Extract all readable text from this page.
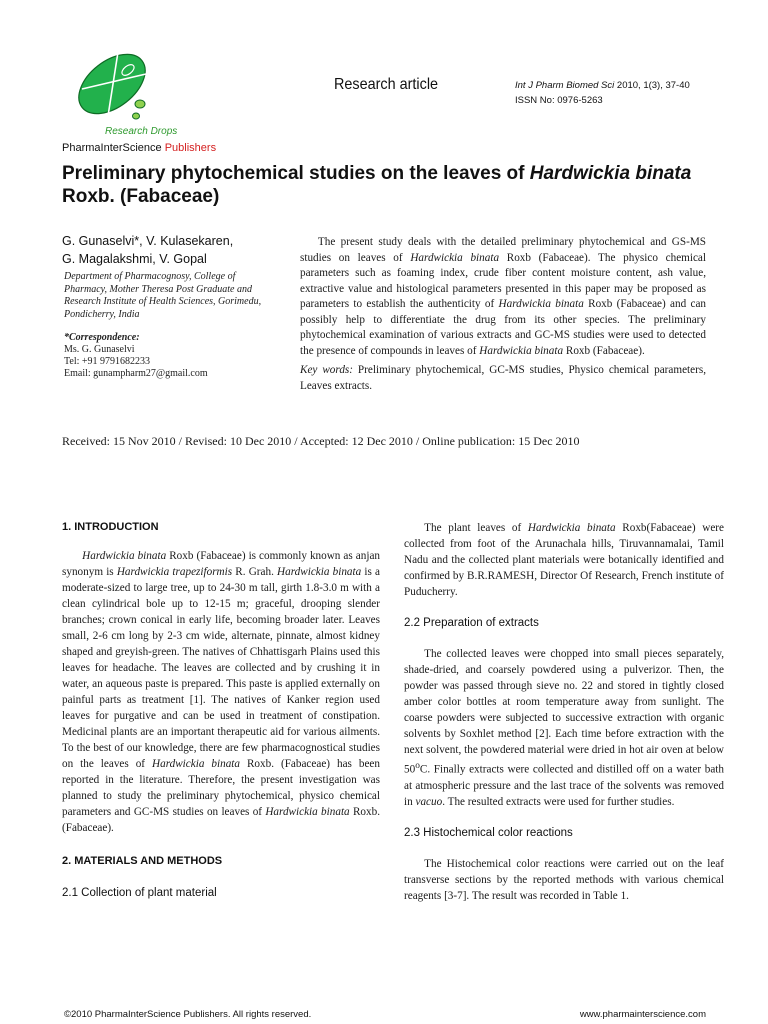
Research Drops
PharmaInterScience Publishers
Research article	Int J Pharm Biomed Sci 2010, 1(3), 37-40
ISSN No: 0976-5263
Preliminary phytochemical studies on the leaves of Hardwickia binata
Roxb. (Fabaceae)
G. Gunaselvi*, V. Kulasekaren,
G. Magalakshmi, V. Gopal
Department of Pharmacognosy, College of Pharmacy, Mother Theresa Post Graduate and Research Institute of Health Sciences, Gorimedu, Pondicherry, India
*Correspondence:
Ms. G. Gunaselvi
Tel: +91 9791682233
Email: gunampharm27@gmail.com
The present study deals with the detailed preliminary phytochemical and GS-MS studies on leaves of Hardwickia binata Roxb (Fabaceae). The physico chemical parameters such as foaming index, crude fiber content moisture content, ash value, extractive value and histological parameters presented in this paper may be proposed as parameters to establish the authenticity of Hardwickia binata Roxb (Fabaceae) and can possibly help to differentiate the drug from its other species. The preliminary phytochemical examination of various extracts and GC-MS studies were used to detected the presence of compounds in leaves of Hardwickia binata Roxb (Fabaceae).
Key words: Preliminary phytochemical, GC-MS studies, Physico chemical parameters, Leaves extracts.
Received: 15 Nov 2010 / Revised: 10 Dec 2010 / Accepted: 12 Dec 2010 / Online publication: 15 Dec 2010
1. INTRODUCTION
Hardwickia binata Roxb (Fabaceae) is commonly known as anjan synonym is Hardwickia trapeziformis R. Grah. Hardwickia binata is a moderate-sized to large tree, up to 24-30 m tall, girth 1.8-3.0 m with a clean cylindrical bole up to 12-15 m; graceful, drooping slender branches; crown conical in early life, becoming broader later. Leaves small, 2-6 cm long by 2-3 cm wide, alternate, pinnate, almost kidney shaped and greyish-green. The natives of Chhattisgarh Plains used this leaves for headache. The leaves are collected and by crushing it in water, an aqueous paste is prepared. This paste is applied externally on painful parts as treatment [1]. The natives of Kanker region used leaves for purgative and can be used in treatment of constipation. Medicinal plants are an important therapeutic aid for various ailments. To the best of our knowledge, there are few pharmacognostical studies on the leaves of Hardwickia binata Roxb. (Fabaceae) has been reported in the literature. Therefore, the present investigation was planned to study the preliminary phytochemical, physico chemical parameters and GC-MS studies on leaves of Hardwickia binata Roxb. (Fabaceae).
2. MATERIALS AND METHODS
2.1 Collection of plant material
The plant leaves of Hardwickia binata Roxb(Fabaceae) were collected from foot of the Arunachala hills, Tiruvannamalai, Tamil Nadu and the collected plant materials were botanically identified and confirmed by B.R.RAMESH, Director Of Research, French institute of Puducherry.
2.2 Preparation of extracts
The collected leaves were chopped into small pieces separately, shade-dried, and coarsely powdered using a pulverizor. Then, the powder was passed through sieve no. 22 and stored in tightly closed amber color bottles at room temperature away from sunlight. The coarse powders were subjected to successive extraction with organic solvents by Soxhlet method [2]. Each time before extraction with the next solvent, the powdered material were dried in hot air oven at below 50$^o$C. Finally extracts were collected and distilled off on a water bath at atmospheric pressure and the last trace of the solvents was removed in vacuo. The resulted extracts were used for further studies.
2.3 Histochemical color reactions
The Histochemical color reactions were carried out on the leaf transverse sections by the reported methods with various chemical reagents [3-7]. The result was recorded in Table 1.
©2010 PharmaInterScience Publishers. All rights reserved.	www.pharmainterscience.com
